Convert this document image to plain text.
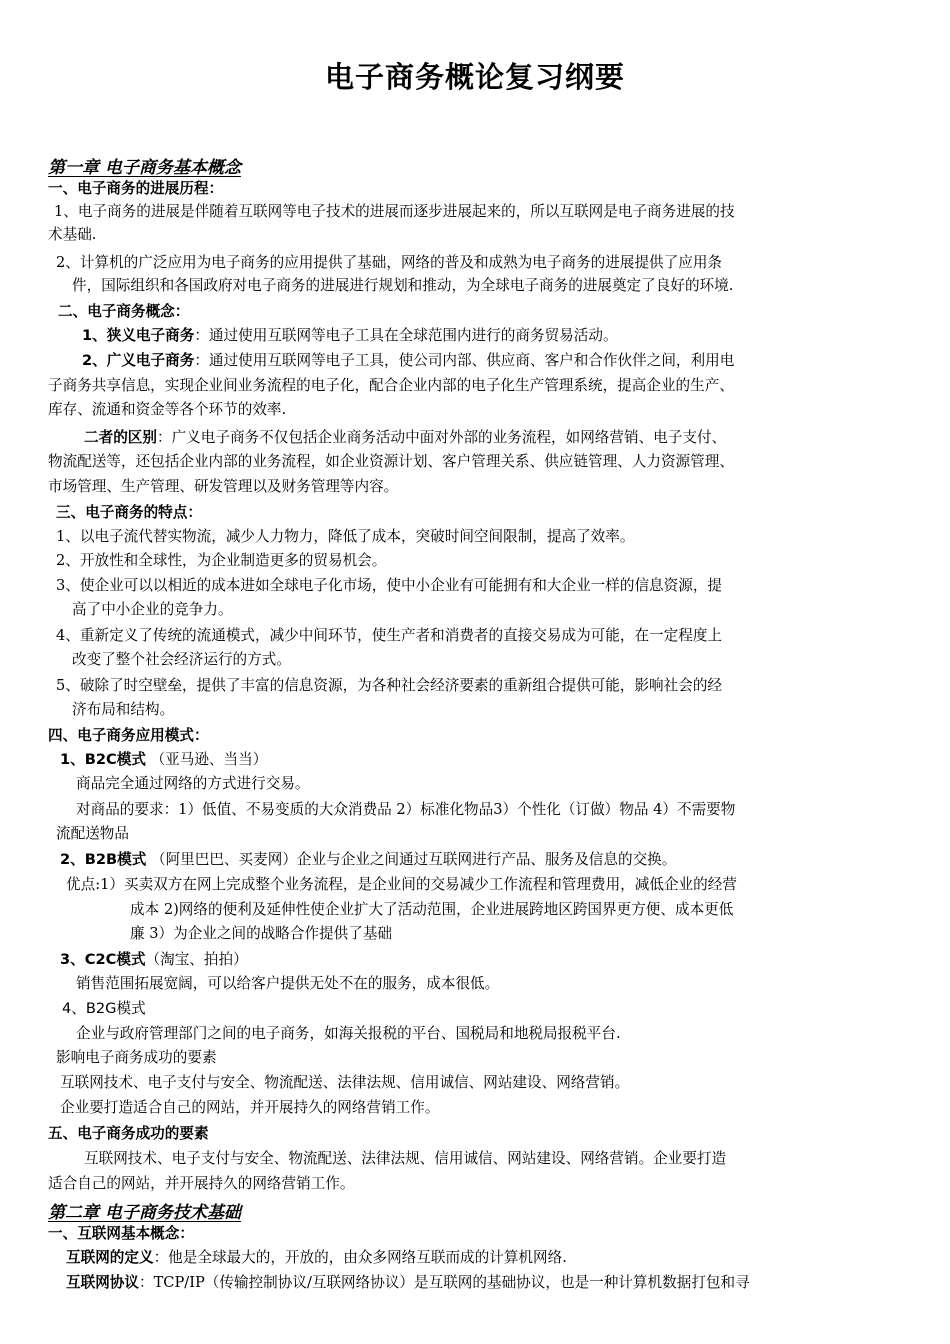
电子商务概论复习纲要
第一章 电子商务基本概念
一、电子商务的进展历程：
1、电子商务的进展是伴随着互联网等电子技术的进展而逐步进展起来的，所以互联网是电子商务进展的技
术基础.
2、计算机的广泛应用为电子商务的应用提供了基础，网络的普及和成熟为电子商务的进展提供了应用条
件，国际组织和各国政府对电子商务的进展进行规划和推动，为全球电子商务的进展奠定了良好的环境.
二、电子商务概念：
1、狭义电子商务：通过使用互联网等电子工具在全球范围内进行的商务贸易活动。
2、广义电子商务：通过使用互联网等电子工具，使公司内部、供应商、客户和合作伙伴之间，利用电
子商务共享信息，实现企业间业务流程的电子化，配合企业内部的电子化生产管理系统，提高企业的生产、
库存、流通和资金等各个环节的效率.
二者的区别：广义电子商务不仅包括企业商务活动中面对外部的业务流程，如网络营销、电子支付、
物流配送等，还包括企业内部的业务流程，如企业资源计划、客户管理关系、供应链管理、人力资源管理、
市场管理、生产管理、研发管理以及财务管理等内容。
三、电子商务的特点：
1、以电子流代替实物流，减少人力物力，降低了成本，突破时间空间限制，提高了效率。
2、开放性和全球性，为企业制造更多的贸易机会。
3、使企业可以以相近的成本进如全球电子化市场，使中小企业有可能拥有和大企业一样的信息资源，提
高了中小企业的竞争力。
4、重新定义了传统的流通模式，减少中间环节，使生产者和消费者的直接交易成为可能，在一定程度上
改变了整个社会经济运行的方式。
5、破除了时空壁垒，提供了丰富的信息资源，为各种社会经济要素的重新组合提供可能，影响社会的经
济布局和结构。
四、电子商务应用模式：
1、B2C模式 （亚马逊、当当）
商品完全通过网络的方式进行交易。
对商品的要求：1）低值、不易变质的大众消费品 2）标准化物品3）个性化（订做）物品 4）不需要物
流配送物品
2、B2B模式 （阿里巴巴、买麦网）企业与企业之间通过互联网进行产品、服务及信息的交换。
优点:1）买卖双方在网上完成整个业务流程，是企业间的交易减少工作流程和管理费用，减低企业的经营
成本 2)网络的便利及延伸性使企业扩大了活动范围，企业进展跨地区跨国界更方便、成本更低
廉 3）为企业之间的战略合作提供了基础
3、C2C模式（淘宝、拍拍）
销售范围拓展宽阔，可以给客户提供无处不在的服务，成本很低。
4、B2G模式
企业与政府管理部门之间的电子商务，如海关报税的平台、国税局和地税局报税平台.
影响电子商务成功的要素
互联网技术、电子支付与安全、物流配送、法律法规、信用诚信、网站建设、网络营销。
企业要打造适合自己的网站，并开展持久的网络营销工作。
五、电子商务成功的要素
互联网技术、电子支付与安全、物流配送、法律法规、信用诚信、网站建设、网络营销。企业要打造
适合自己的网站，并开展持久的网络营销工作。
第二章 电子商务技术基础
一、互联网基本概念：
互联网的定义：他是全球最大的，开放的，由众多网络互联而成的计算机网络.
互联网协议：TCP/IP（传输控制协议/互联网络协议）是互联网的基础协议，也是一种计算机数据打包和寻
